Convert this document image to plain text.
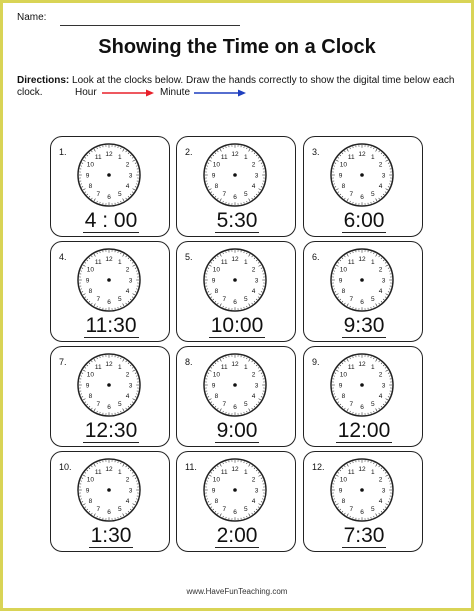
Name:
Showing the Time on a Clock
Directions: Look at the clocks below. Draw the hands correctly to show the digital time below each clock.	Hour	Minute
1.	12 1
2
3
4
5
6
7
8
9
10
11
4 : 00
2.	12 1
2
3
4
5
6
7
8
9
10
11
5:30
3.	12 1
2
3
4
5
6
7
8
9
10
11
6:00
4.	12 1
2
3
4
5
6
7
8
9
10
11
11:30
5.	12 1
2
3
4
5
6
7
8
9
10
11
10:00
6.	12 1
2
3
4
5
6
7
8
9
10
11
9:30
7.	12 1
2
3
4
5
6
7
8
9
10
11
12:30
8.	12 1
2
3
4
5
6
7
8
9
10
11
9:00
9.	12 1
2
3
4
5
6
7
8
9
10
11
12:00
10.	12 1
2
3
4
5
6
7
8
9
10
11
1:30
11.	12 1
2
3
4
5
6
7
8
9
10
11
2:00
12.	12 1
2
3
4
5
6
7
8
9
10
11
7:30
www.HaveFunTeaching.com
